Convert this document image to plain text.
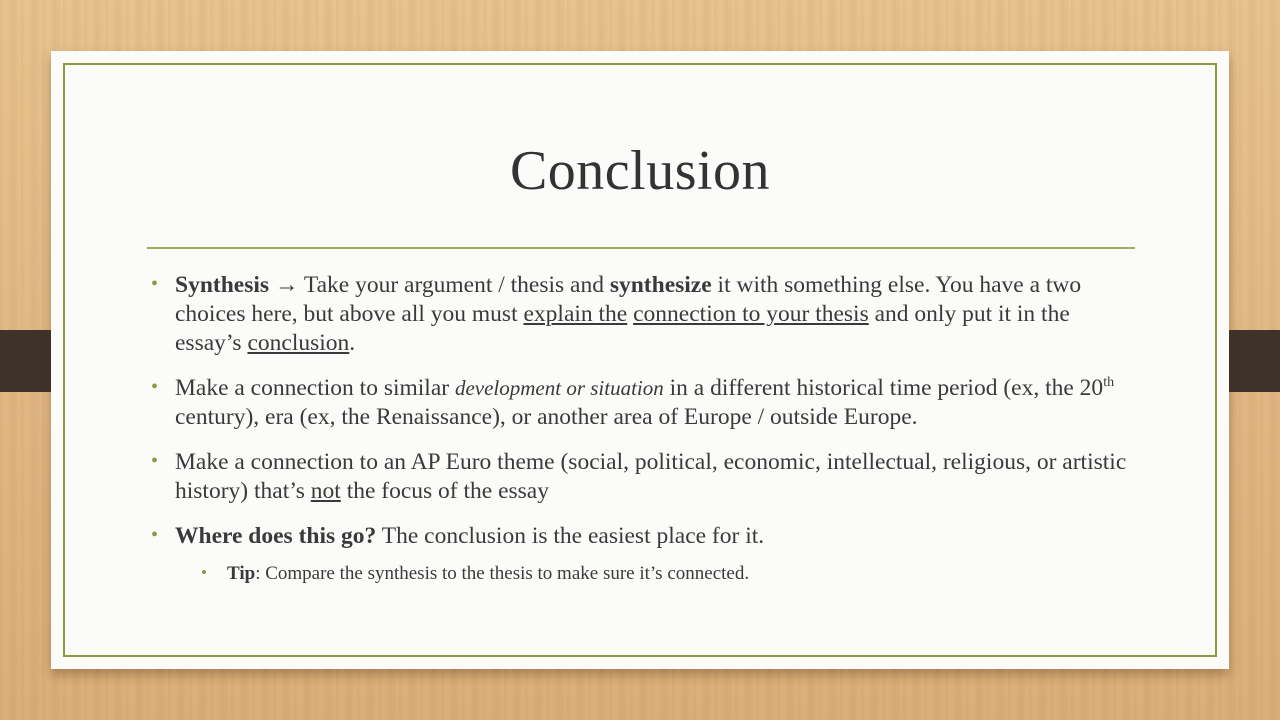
Conclusion
• Synthesis → Take your argument / thesis and synthesize it with something else. You have a two choices here, but above all you must explain the connection to your thesis and only put it in the essay’s conclusion.
• Make a connection to similar development or situation in a different historical time period (ex, the 20th century), era (ex, the Renaissance), or another area of Europe / outside Europe.
• Make a connection to an AP Euro theme (social, political, economic, intellectual, religious, or artistic history) that’s not the focus of the essay
• Where does this go? The conclusion is the easiest place for it.
• Tip: Compare the synthesis to the thesis to make sure it’s connected.
